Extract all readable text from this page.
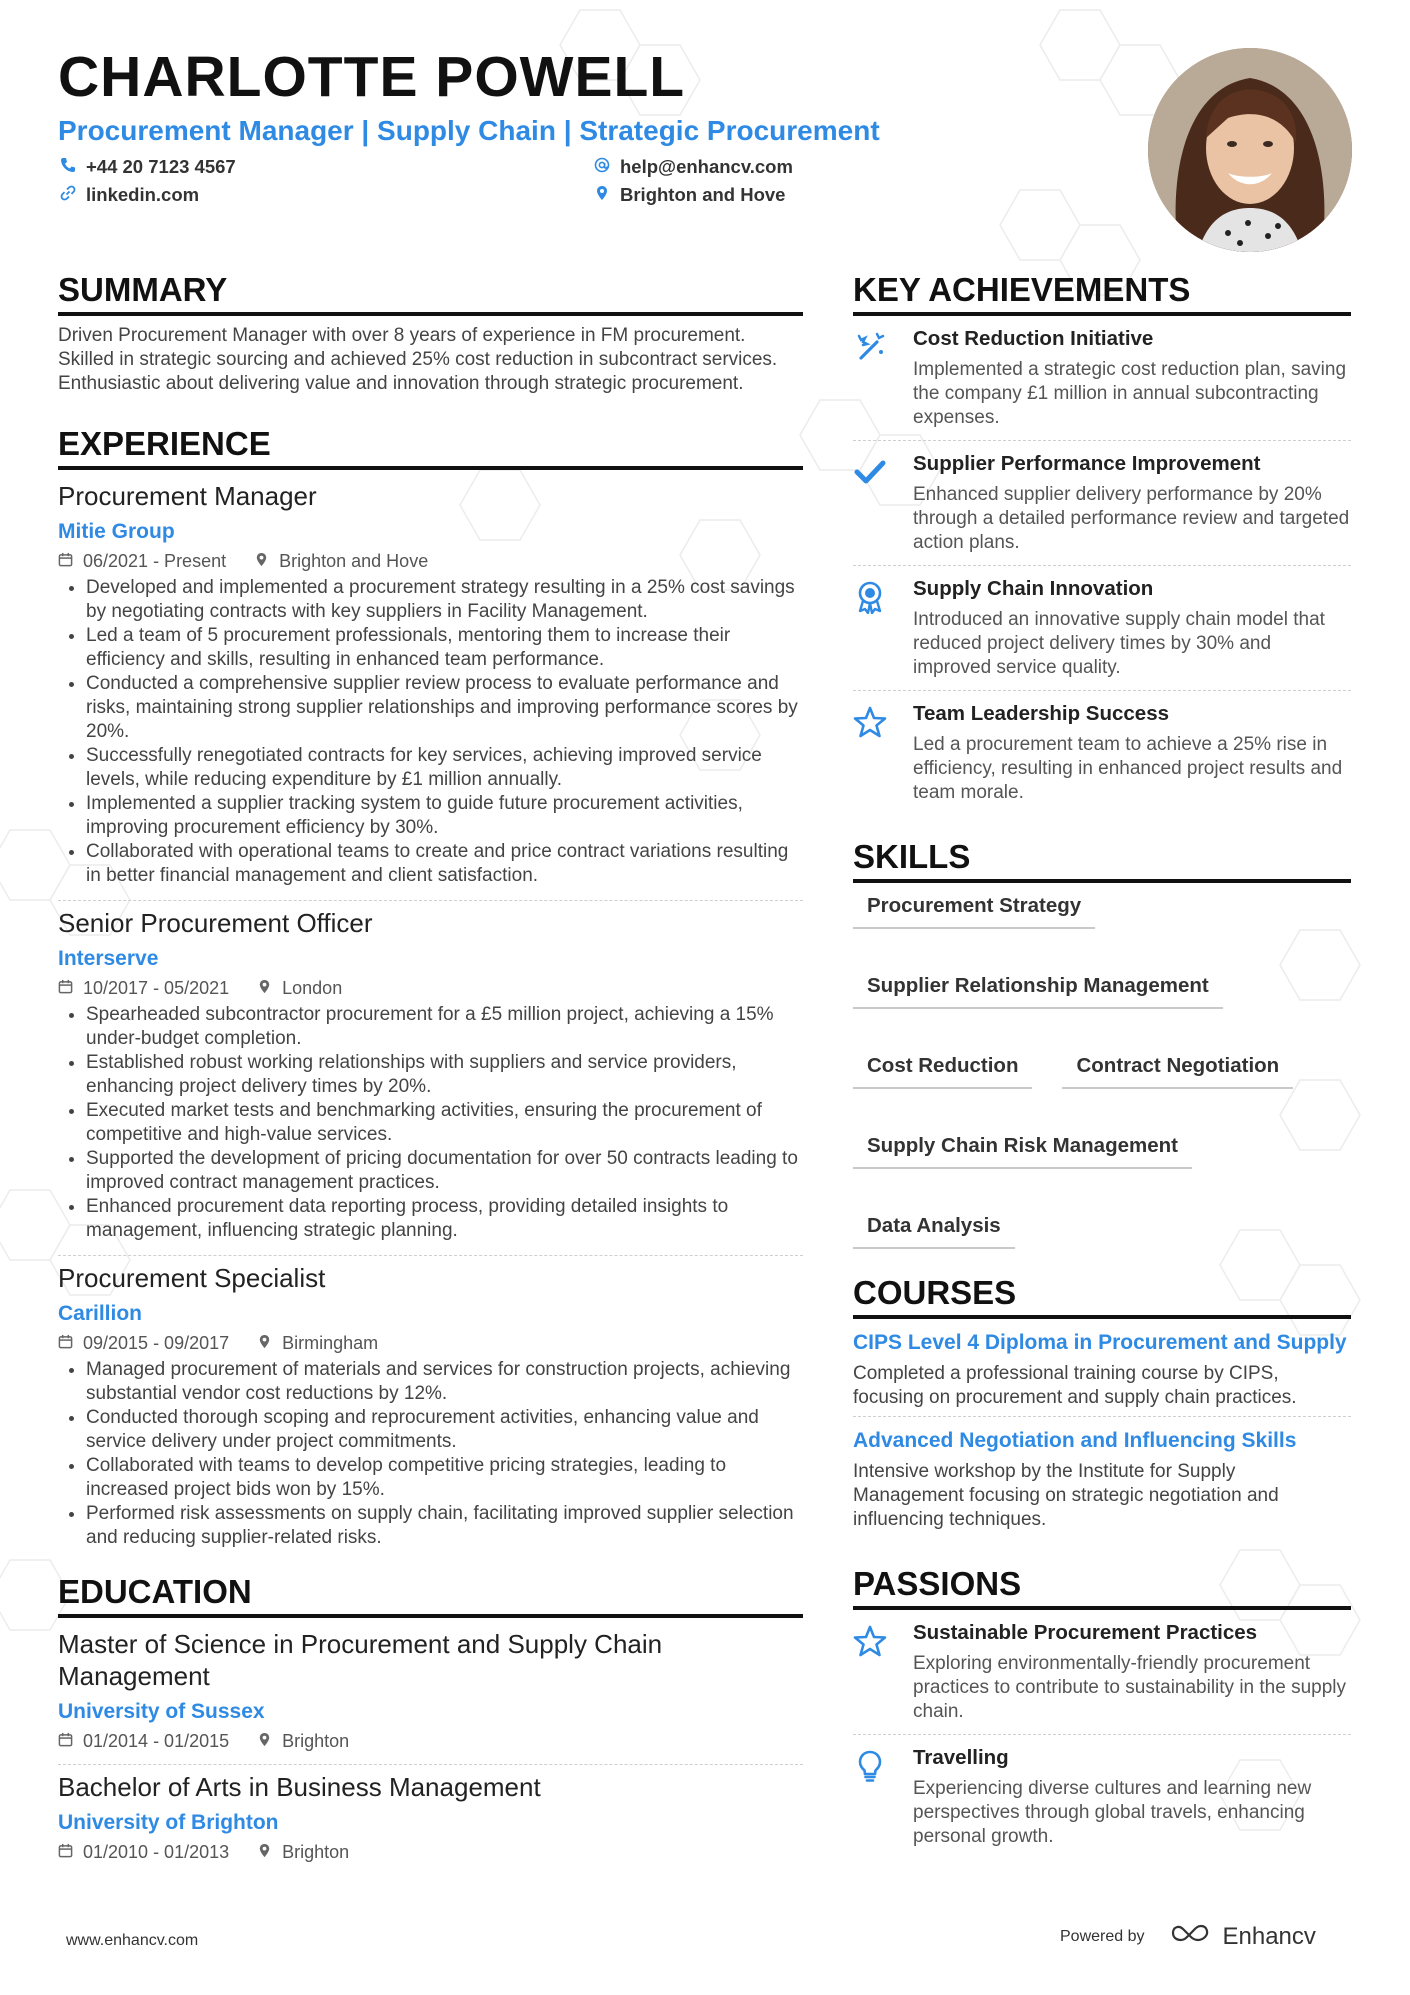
CHARLOTTE POWELL
Procurement Manager | Supply Chain | Strategic Procurement
+44 20 7123 4567	help@enhancv.com
linkedin.com	Brighton and Hove
SUMMARY
Driven Procurement Manager with over 8 years of experience in FM procurement. Skilled in strategic sourcing and achieved 25% cost reduction in subcontract services. Enthusiastic about delivering value and innovation through strategic procurement.
EXPERIENCE
Procurement Manager
Mitie Group
06/2021 - Present	Brighton and Hove
• Developed and implemented a procurement strategy resulting in a 25% cost savings by negotiating contracts with key suppliers in Facility Management.
• Led a team of 5 procurement professionals, mentoring them to increase their efficiency and skills, resulting in enhanced team performance.
• Conducted a comprehensive supplier review process to evaluate performance and risks, maintaining strong supplier relationships and improving performance scores by 20%.
• Successfully renegotiated contracts for key services, achieving improved service levels, while reducing expenditure by £1 million annually.
• Implemented a supplier tracking system to guide future procurement activities, improving procurement efficiency by 30%.
• Collaborated with operational teams to create and price contract variations resulting in better financial management and client satisfaction.
Senior Procurement Officer
Interserve
10/2017 - 05/2021	London
• Spearheaded subcontractor procurement for a £5 million project, achieving a 15% under-budget completion.
• Established robust working relationships with suppliers and service providers, enhancing project delivery times by 20%.
• Executed market tests and benchmarking activities, ensuring the procurement of competitive and high-value services.
• Supported the development of pricing documentation for over 50 contracts leading to improved contract management practices.
• Enhanced procurement data reporting process, providing detailed insights to management, influencing strategic planning.
Procurement Specialist
Carillion
09/2015 - 09/2017	Birmingham
• Managed procurement of materials and services for construction projects, achieving substantial vendor cost reductions by 12%.
• Conducted thorough scoping and reprocurement activities, enhancing value and service delivery under project commitments.
• Collaborated with teams to develop competitive pricing strategies, leading to increased project bids won by 15%.
• Performed risk assessments on supply chain, facilitating improved supplier selection and reducing supplier-related risks.
EDUCATION
Master of Science in Procurement and Supply Chain Management
University of Sussex
01/2014 - 01/2015	Brighton
Bachelor of Arts in Business Management
University of Brighton
01/2010 - 01/2013	Brighton
KEY ACHIEVEMENTS
Cost Reduction Initiative
Implemented a strategic cost reduction plan, saving the company £1 million in annual subcontracting expenses.
Supplier Performance Improvement
Enhanced supplier delivery performance by 20% through a detailed performance review and targeted action plans.
Supply Chain Innovation
Introduced an innovative supply chain model that reduced project delivery times by 30% and improved service quality.
Team Leadership Success
Led a procurement team to achieve a 25% rise in efficiency, resulting in enhanced project results and team morale.
SKILLS
Procurement Strategy
Supplier Relationship Management
Cost Reduction	Contract Negotiation
Supply Chain Risk Management
Data Analysis
COURSES
CIPS Level 4 Diploma in Procurement and Supply
Completed a professional training course by CIPS, focusing on procurement and supply chain practices.
Advanced Negotiation and Influencing Skills
Intensive workshop by the Institute for Supply Management focusing on strategic negotiation and influencing techniques.
PASSIONS
Sustainable Procurement Practices
Exploring environmentally-friendly procurement practices to contribute to sustainability in the supply chain.
Travelling
Experiencing diverse cultures and learning new perspectives through global travels, enhancing personal growth.
www.enhancv.com	Powered by	Enhancv
